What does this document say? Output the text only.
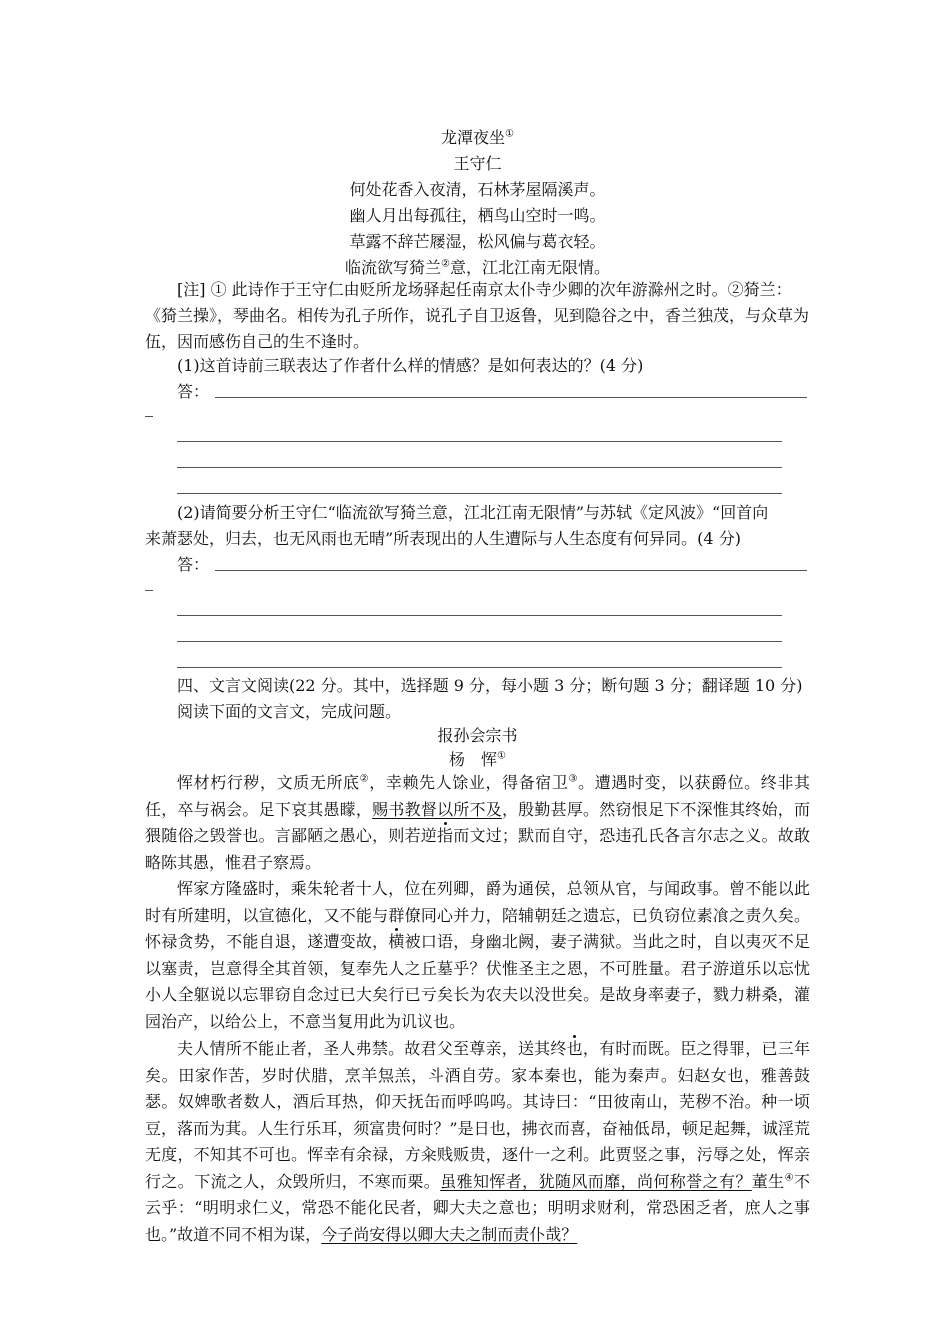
龙潭夜坐①
王守仁
何处花香入夜清，石林茅屋隔溪声。
幽人月出每孤往，栖鸟山空时一鸣。
草露不辞芒屦湿，松风偏与葛衣轻。
临流欲写猗兰②意，江北江南无限情。
[注] ① 此诗作于王守仁由贬所龙场驿起任南京太仆寺少卿的次年游滁州之时。②猗兰：
《猗兰操》，琴曲名。相传为孔子所作，说孔子自卫返鲁，见到隐谷之中，香兰独茂，与众草为
伍，因而感伤自己的生不逢时。
(1)这首诗前三联表达了作者什么样的情感？是如何表达的？(4 分)
答：
(2)请简要分析王守仁“临流欲写猗兰意，江北江南无限情”与苏轼《定风波》“回首向
来萧瑟处，归去，也无风雨也无晴”所表现出的人生遭际与人生态度有何异同。(4 分)
答：
四、文言文阅读(22 分。其中，选择题 9 分，每小题 3 分；断句题 3 分；翻译题 10 分)
阅读下面的文言文，完成问题。
报孙会宗书
杨　恽①
恽材朽行秽，文质无所底②，幸赖先人馀业，得备宿卫③。遭遇时变，以获爵位。终非其任，卒与祸会。足下哀其愚矇，赐书教督以所不及，殷勤甚厚。然窃恨足下不深惟其终始，而猥随俗之毁誉也。言鄙陋之愚心，则若逆指而文过；默而自守，恐违孔氏各言尔志之义。故敢略陈其愚，惟君子察焉。
恽家方隆盛时，乘朱轮者十人，位在列卿，爵为通侯，总领从官，与闻政事。曾不能以此时有所建明，以宣德化，又不能与群僚同心并力，陪辅朝廷之遗忘，已负窃位素飡之责久矣。怀禄贪势，不能自退，遂遭变故，横被口语，身幽北阙，妻子满狱。当此之时，自以夷灭不足以塞责，岂意得全其首领，复奉先人之丘墓乎？伏惟圣主之恩，不可胜量。君子游道乐以忘忧小人全躯说以忘罪窃自念过已大矣行已亏矣长为农夫以没世矣。是故身率妻子，戮力耕桑，灌园治产，以给公上，不意当复用此为讥议也。
夫人情所不能止者，圣人弗禁。故君父至尊亲，送其终也，有时而既。臣之得罪，已三年矣。田家作苦，岁时伏腊，烹羊炰羔，斗酒自劳。家本秦也，能为秦声。妇赵女也，雅善鼓瑟。奴婢歌者数人，酒后耳热，仰天抚缶而呼呜呜。其诗曰：“田彼南山，芜秽不治。种一顷豆，落而为萁。人生行乐耳，须富贵何时？”是日也，拂衣而喜，奋袖低昂，顿足起舞，诚淫荒无度，不知其不可也。恽幸有余禄，方籴贱贩贵，逐什一之利。此贾竖之事，污辱之处，恽亲行之。下流之人，众毁所归，不寒而栗。虽雅知恽者，犹随风而靡，尚何称誉之有？董生④不云乎：“明明求仁义，常恐不能化民者，卿大夫之意也；明明求财利，常恐困乏者，庶人之事也。”故道不同不相为谋，今子尚安得以卿大夫之制而责仆哉？
